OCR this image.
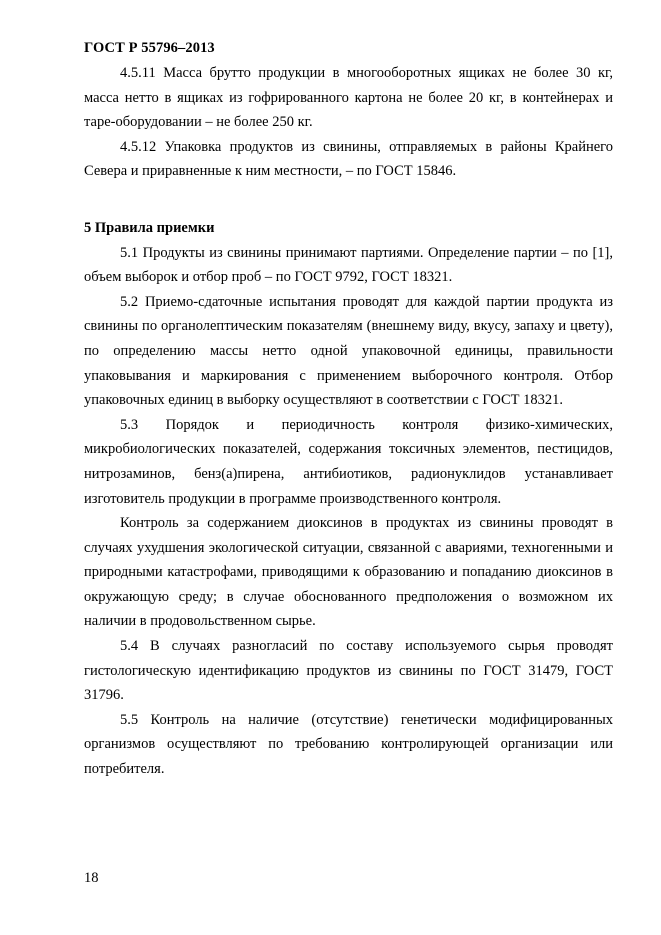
ГОСТ Р 55796–2013

4.5.11 Масса брутто продукции в многооборотных ящиках не более 30 кг, масса нетто в ящиках из гофрированного картона не более 20 кг, в контейнерах и таре-оборудовании – не более 250 кг.

4.5.12 Упаковка продуктов из свинины, отправляемых в районы Крайнего Севера и приравненные к ним местности, – по ГОСТ 15846.

5 Правила приемки

5.1 Продукты из свинины принимают партиями. Определение партии – по [1], объем выборок и отбор проб – по ГОСТ 9792, ГОСТ 18321.

5.2 Приемо-сдаточные испытания проводят для каждой партии продукта из свинины по органолептическим показателям (внешнему виду, вкусу, запаху и цвету), по определению массы нетто одной упаковочной единицы, правильности упаковывания и маркирования с применением выборочного контроля. Отбор упаковочных единиц в выборку осуществляют в соответствии с ГОСТ 18321.

5.3 Порядок и периодичность контроля физико-химических, микробиологических показателей, содержания токсичных элементов, пестицидов, нитрозаминов, бенз(а)пирена, антибиотиков, радионуклидов устанавливает изготовитель продукции в программе производственного контроля.

Контроль за содержанием диоксинов в продуктах из свинины проводят в случаях ухудшения экологической ситуации, связанной с авариями, техногенными и природными катастрофами, приводящими к образованию и попаданию диоксинов в окружающую среду; в случае обоснованного предположения о возможном их наличии в продовольственном сырье.

5.4 В случаях разногласий по составу используемого сырья проводят гистологическую идентификацию продуктов из свинины по ГОСТ 31479, ГОСТ 31796.

5.5 Контроль на наличие (отсутствие) генетически модифицированных организмов осуществляют по требованию контролирующей организации или потребителя.

18
